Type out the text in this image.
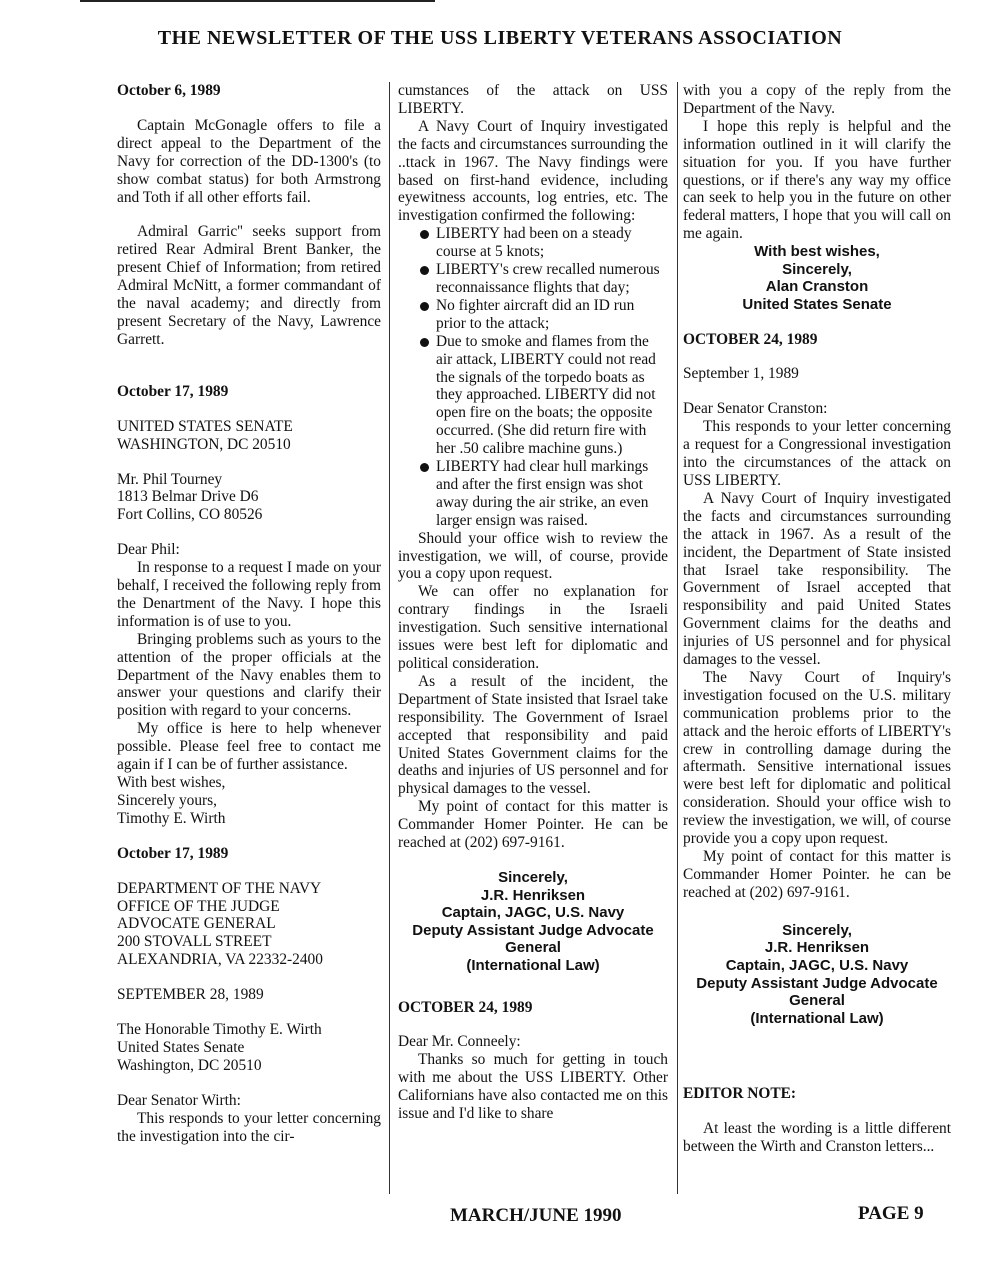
THE NEWSLETTER OF THE USS LIBERTY VETERANS ASSOCIATION

October 6, 1989

Captain McGonagle offers to file a direct appeal to the Department of the Navy for correction of the DD-1300's (to show combat status) for both Armstrong and Toth if all other efforts fail.

Admiral Garric'' seeks support from retired Rear Admiral Brent Banker, the present Chief of Information; from retired Admiral McNitt, a former commandant of the naval academy; and directly from present Secretary of the Navy, Lawrence Garrett.

October 17, 1989

UNITED STATES SENATE

WASHINGTON, DC 20510

Mr. Phil Tourney

1813 Belmar Drive D6

Fort Collins, CO 80526

Dear Phil:

In response to a request I made on your behalf, I received the following reply from the Denartment of the Navy. I hope this information is of use to you.

Bringing problems such as yours to the attention of the proper officials at the Department of the Navy enables them to answer your questions and clarify their position with regard to your concerns.

My office is here to help whenever possible. Please feel free to contact me again if I can be of further assistance.

With best wishes,

Sincerely yours,

Timothy E. Wirth

October 17, 1989

DEPARTMENT OF THE NAVY

OFFICE OF THE JUDGE

ADVOCATE GENERAL

200 STOVALL STREET

ALEXANDRIA, VA 22332-2400

SEPTEMBER 28, 1989

The Honorable Timothy E. Wirth

United States Senate

Washington, DC 20510

Dear Senator Wirth:

This responds to your letter concerning the investigation into the cir-

cumstances of the attack on USS LIBERTY.

A Navy Court of Inquiry investigated the facts and circumstances surrounding the ..ttack in 1967. The Navy findings were based on first-hand evidence, including eyewitness accounts, log entries, etc. The investigation confirmed the following:

LIBERTY had been on a steady course at 5 knots;
LIBERTY's crew recalled numerous reconnaissance flights that day;
No fighter aircraft did an ID run prior to the attack;
Due to smoke and flames from the air attack, LIBERTY could not read the signals of the torpedo boats as they approached. LIBERTY did not open fire on the boats; the opposite occurred. (She did return fire with her .50 calibre machine guns.)
LIBERTY had clear hull markings and after the first ensign was shot away during the air strike, an even larger ensign was raised.

Should your office wish to review the investigation, we will, of course, provide you a copy upon request.

We can offer no explanation for contrary findings in the Israeli investigation. Such sensitive international issues were best left for diplomatic and political consideration.

As a result of the incident, the Department of State insisted that Israel take responsibility. The Government of Israel accepted that responsibility and paid United States Government claims for the deaths and injuries of US personnel and for physical damages to the vessel.

My point of contact for this matter is Commander Homer Pointer. He can be reached at (202) 697-9161.

Sincerely,
J.R. Henriksen
Captain, JAGC, U.S. Navy
Deputy Assistant Judge Advocate General
(International Law)

OCTOBER 24, 1989

Dear Mr. Conneely:

Thanks so much for getting in touch with me about the USS LIBERTY. Other Californians have also contacted me on this issue and I'd like to share

with you a copy of the reply from the Department of the Navy.

I hope this reply is helpful and the information outlined in it will clarify the situation for you. If you have further questions, or if there's any way my office can seek to help you in the future on other federal matters, I hope that you will call on me again.

With best wishes,
Sincerely,
Alan Cranston
United States Senate

OCTOBER 24, 1989

September 1, 1989

Dear Senator Cranston:

This responds to your letter concerning a request for a Congressional investigation into the circumstances of the attack on USS LIBERTY.

A Navy Court of Inquiry investigated the facts and circumstances surrounding the attack in 1967. As a result of the incident, the Department of State insisted that Israel take responsibility. The Government of Israel accepted that responsibility and paid United States Government claims for the deaths and injuries of US personnel and for physical damages to the vessel.

The Navy Court of Inquiry's investigation focused on the U.S. military communication problems prior to the attack and the heroic efforts of LIBERTY's crew in controlling damage during the aftermath. Sensitive international issues were best left for diplomatic and political consideration. Should your office wish to review the investigation, we will, of course provide you a copy upon request.

My point of contact for this matter is Commander Homer Pointer. he can be reached at (202) 697-9161.

Sincerely,
J.R. Henriksen
Captain, JAGC, U.S. Navy
Deputy Assistant Judge Advocate General
(International Law)

EDITOR NOTE:

At least the wording is a little different between the Wirth and Cranston letters...

MARCH/JUNE 1990	PAGE 9
